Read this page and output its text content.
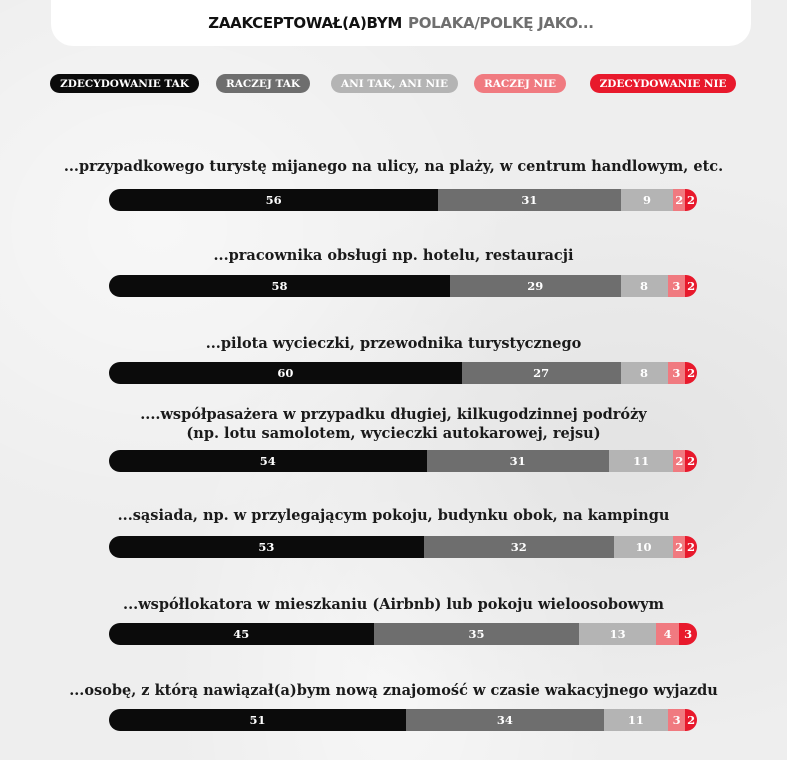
ZAAKCEPTOWAŁ(A)BYM POLAKA/POLKĘ JAKO...
ZDECYDOWANIE TAK	RACZEJ TAK	ANI TAK, ANI NIE	RACZEJ NIE	ZDECYDOWANIE NIE
...przypadkowego turystę mijanego na ulicy, na plaży, w centrum handlowym, etc.
56	31	9 2 2
...pracownika obsługi np. hotelu, restauracji
58	29	8 3 2
...pilota wycieczki, przewodnika turystycznego
60	27	8 3 2
....współpasażera w przypadku długiej, kilkugodzinnej podróży
(np. lotu samolotem, wycieczki autokarowej, rejsu)
54	31	11 2 2
...sąsiada, np. w przylegającym pokoju, budynku obok, na kampingu
53	32	10 2 2
...współlokatora w mieszkaniu (Airbnb) lub pokoju wieloosobowym
45	35	13	4 3
...osobę, z którą nawiązał(a)bym nową znajomość w czasie wakacyjnego wyjazdu
51	34	11 3 2
